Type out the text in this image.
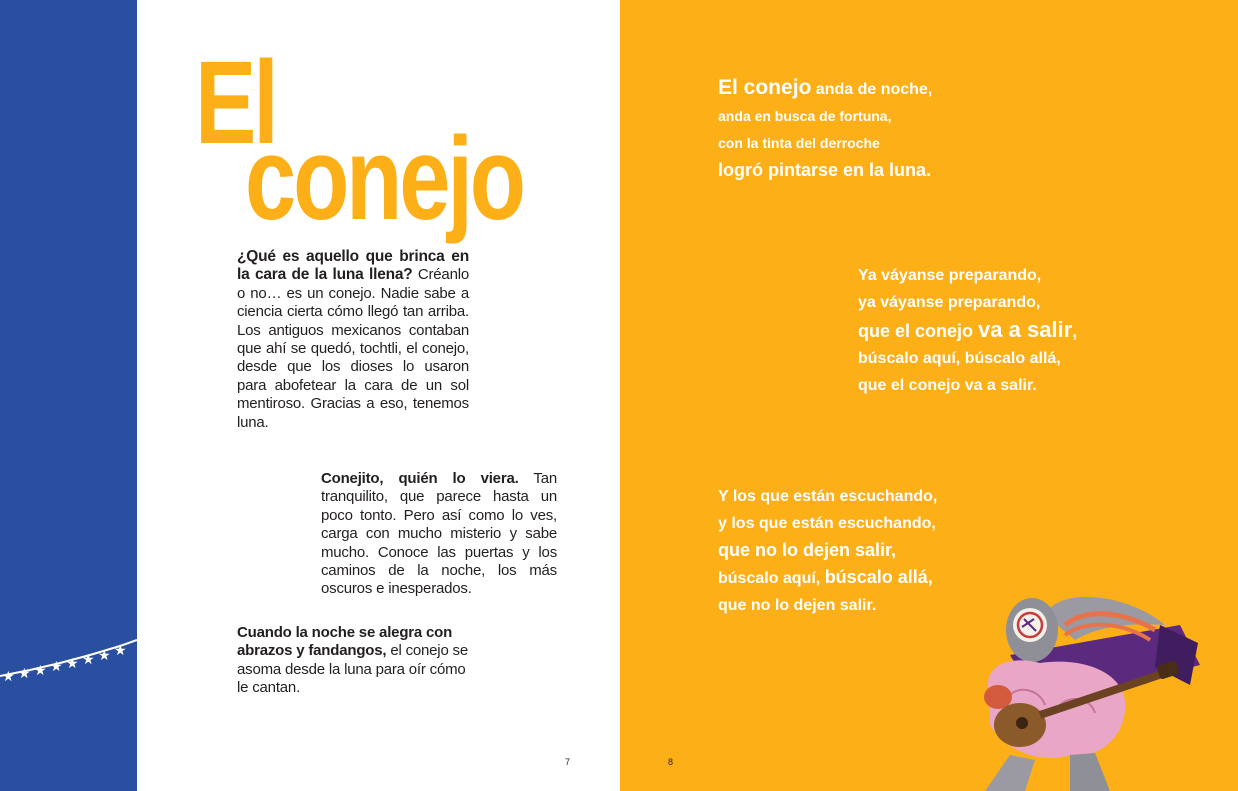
★ ★ ★ ★ ★ ★ ★ ★
El
conejo

¿Qué es aquello que brinca en la cara de la luna llena? Créanlo o no… es un conejo. Nadie sabe a ciencia cierta cómo llegó tan arriba. Los antiguos mexicanos contaban que ahí se quedó, tochtli, el conejo, desde que los dioses lo usaron para abofetear la cara de un sol mentiroso. Gracias a eso, tenemos luna.

Conejito, quién lo viera. Tan tranquilito, que parece hasta un poco tonto. Pero así como lo ves, carga con mucho misterio y sabe mucho. Conoce las puertas y los caminos de la noche, los más oscuros e inesperados.

Cuando la noche se alegra con abrazos y fandangos, el conejo se asoma desde la luna para oír cómo le cantan.

7
El conejo anda de noche,
anda en busca de fortuna,
con la tinta del derroche
logró pintarse en la luna.
Ya váyanse preparando,
ya váyanse preparando,
que el conejo va a salir,
búscalo aquí, búscalo allá,
que el conejo va a salir.
Y los que están escuchando,
y los que están escuchando,
que no lo dejen salir,
búscalo aquí, búscalo allá,
que no lo dejen salir.
8
